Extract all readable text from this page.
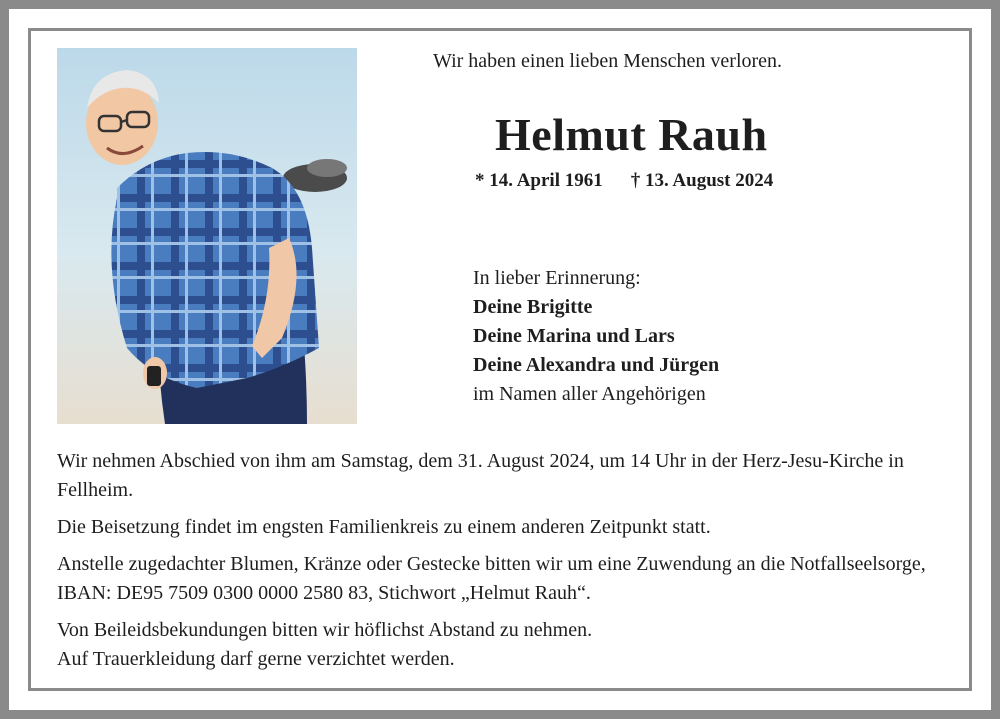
Wir haben einen lieben Menschen verloren.
Helmut Rauh
* 14. April 1961 † 13. August 2024
In lieber Erinnerung:
Deine Brigitte
Deine Marina und Lars
Deine Alexandra und Jürgen
im Namen aller Angehörigen

Wir nehmen Abschied von ihm am Samstag, dem 31. August 2024, um 14 Uhr in der Herz-Jesu-Kirche in Fellheim.

Die Beisetzung findet im engsten Familienkreis zu einem anderen Zeitpunkt statt.

Anstelle zugedachter Blumen, Kränze oder Gestecke bitten wir um eine Zuwendung an die Notfallseelsorge, IBAN: DE95 7509 0300 0000 2580 83, Stichwort „Helmut Rauh“.

Von Beileidsbekundungen bitten wir höflichst Abstand zu nehmen.

Auf Trauerkleidung darf gerne verzichtet werden.
